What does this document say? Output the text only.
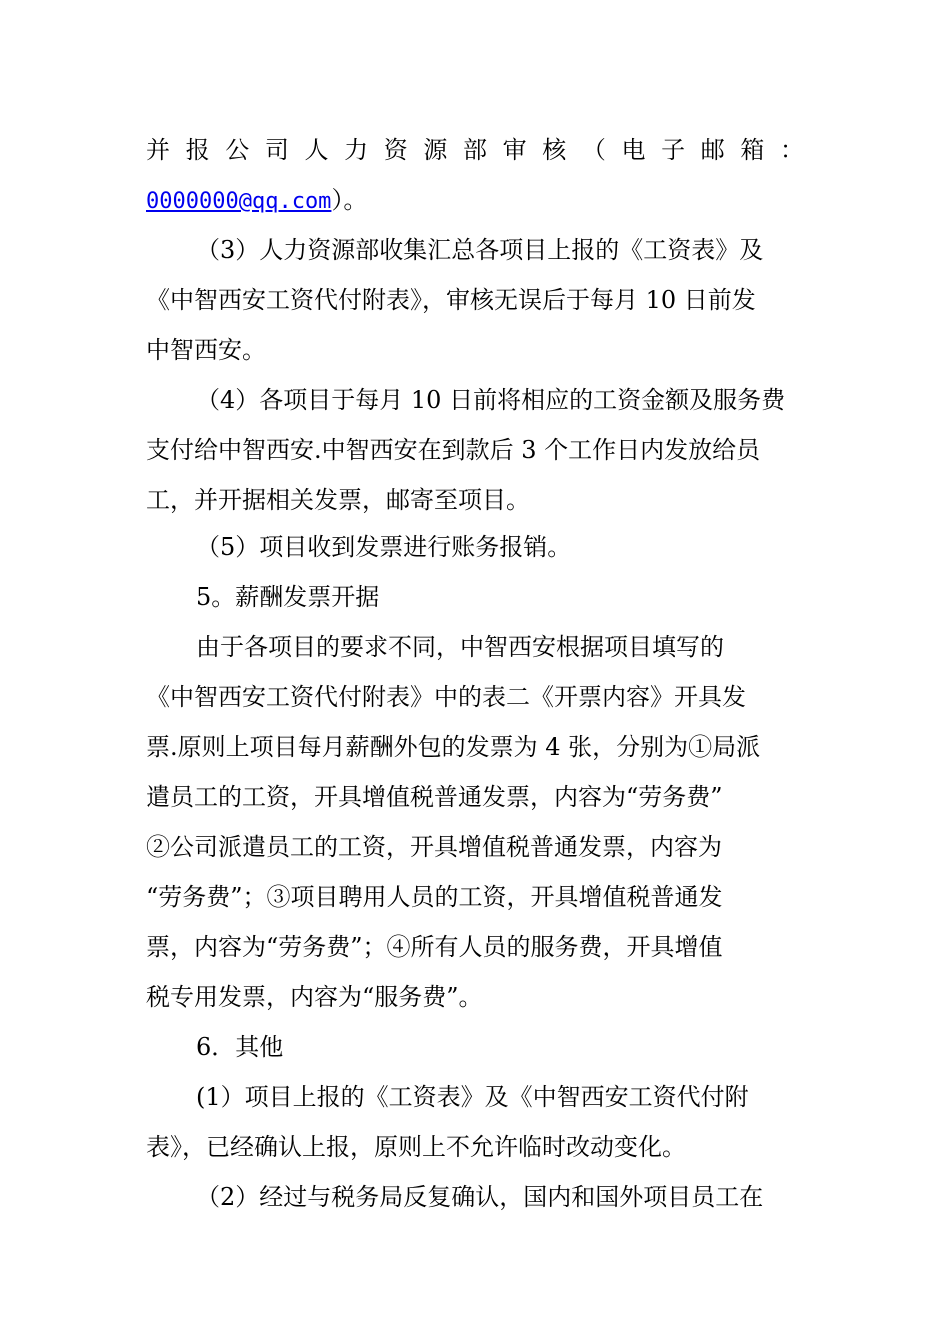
并 报 公 司 人 力 资 源 部 审 核 （ 电 子 邮 箱 ：
0000000@qq.com）。
（3）人力资源部收集汇总各项目上报的《工资表》及
《中智西安工资代付附表》，审核无误后于每月 10 日前发
中智西安。
（4）各项目于每月 10 日前将相应的工资金额及服务费
支付给中智西安.中智西安在到款后 3 个工作日内发放给员
工，并开据相关发票，邮寄至项目。
（5）项目收到发票进行账务报销。
5。薪酬发票开据
由于各项目的要求不同，中智西安根据项目填写的
《中智西安工资代付附表》中的表二《开票内容》开具发
票.原则上项目每月薪酬外包的发票为 4 张，分别为①局派
遣员工的工资，开具增值税普通发票，内容为“劳务费”
②公司派遣员工的工资，开具增值税普通发票，内容为
“劳务费”；③项目聘用人员的工资，开具增值税普通发
票，内容为“劳务费”；④所有人员的服务费，开具增值
税专用发票，内容为“服务费”。
6．其他
(1）项目上报的《工资表》及《中智西安工资代付附
表》，已经确认上报，原则上不允许临时改动变化。
（2）经过与税务局反复确认，国内和国外项目员工在
